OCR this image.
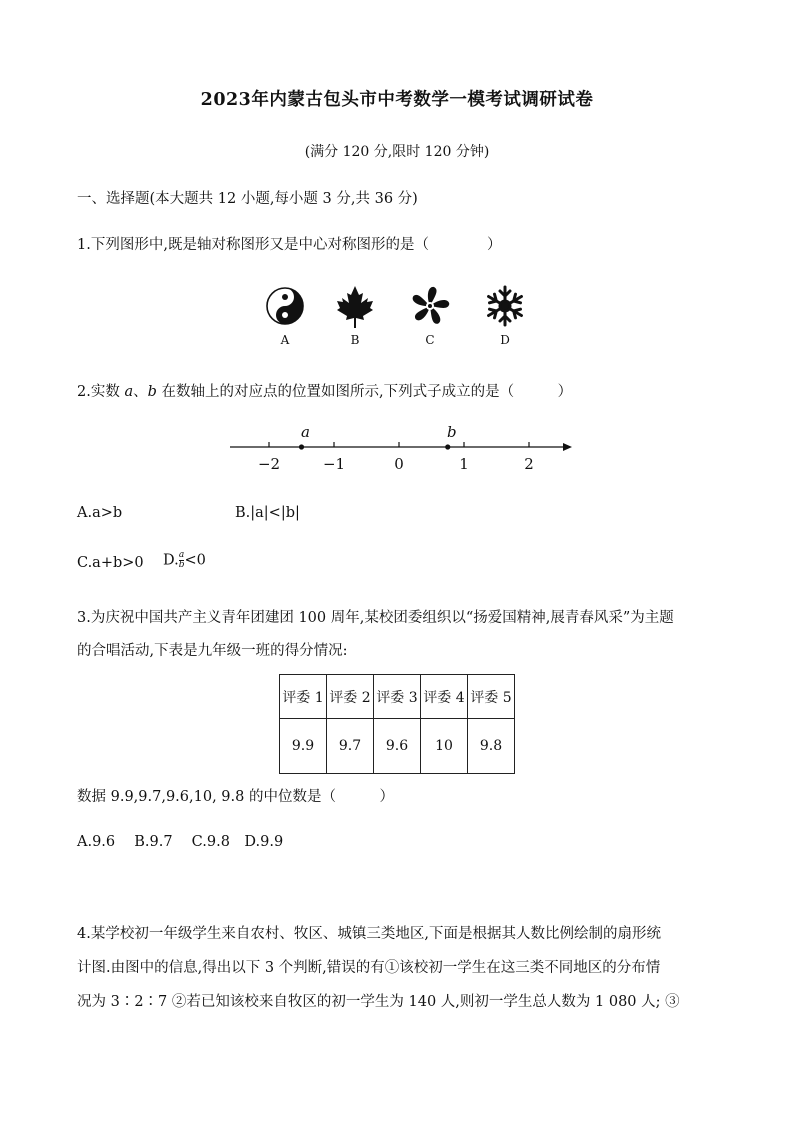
2023年内蒙古包头市中考数学一模考试调研试卷
(满分 120 分,限时 120 分钟)
一、选择题(本大题共 12 小题,每小题 3 分,共 36 分)
1.下列图形中,既是轴对称图形又是中心对称图形的是（　　　　）
A	B	C	D
2.实数 a、b 在数轴上的对应点的位置如图所示,下列式子成立的是（　　　）
−2	−1	0	1	2
a	b
A.a>b	B.|a|<|b|
C.a+b>0 D. $\frac{a}{b} <0$
3.为庆祝中国共产主义青年团建团 100 周年,某校团委组织以“扬爱国精神,展青春风采”为主题
的合唱活动,下表是九年级一班的得分情况:
评委 1	评委 2	评委 3	评委 4	评委 5
9.9	9.7	9.6	10	9.8
数据 9.9,9.7,9.6,10, 9.8 的中位数是（　　　）
A.9.6　 B.9.7　 C.9.8　D.9.9
4.某学校初一年级学生来自农村、牧区、城镇三类地区,下面是根据其人数比例绘制的扇形统
计图.由图中的信息,得出以下 3 个判断,错误的有①该校初一学生在这三类不同地区的分布情
况为 3∶2∶7 ②若已知该校来自牧区的初一学生为 140 人,则初一学生总人数为 1 080 人; ③
